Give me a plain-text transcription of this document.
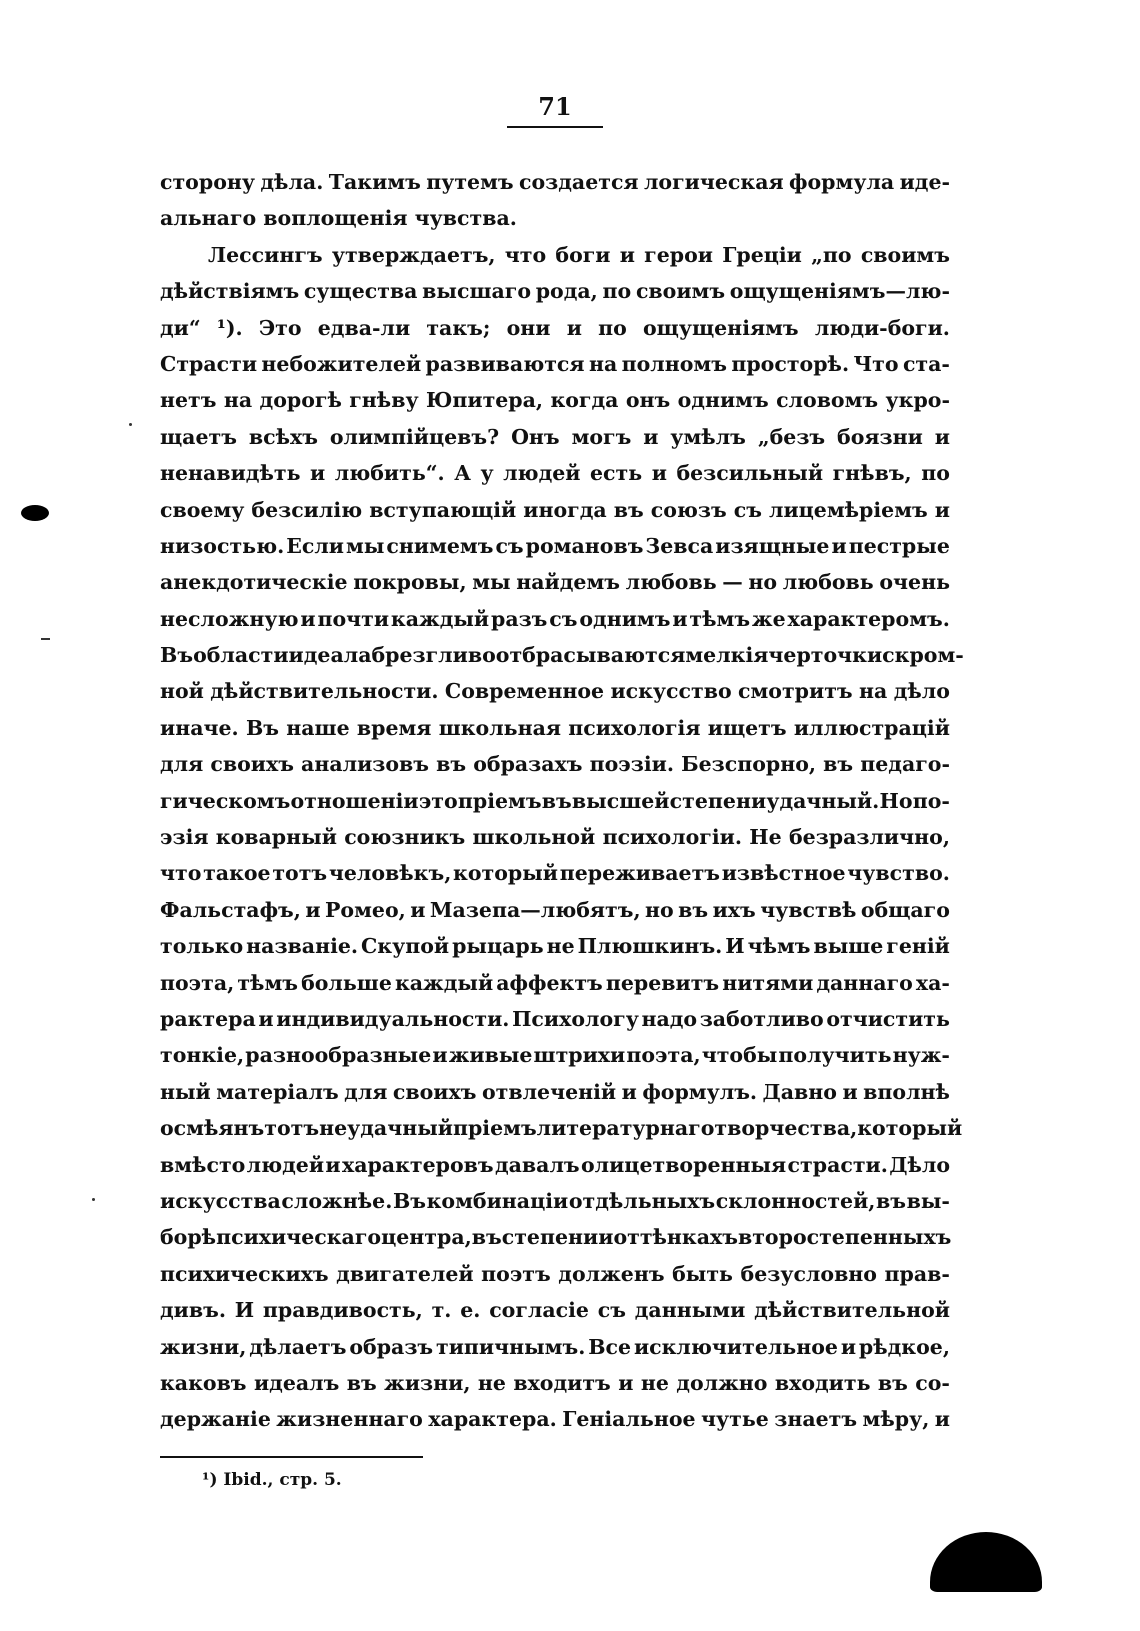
71
сторону дѣла. Такимъ путемъ создается логическая формула иде-
альнаго воплощенія чувства.
Лессингъ утверждаетъ, что боги и герои Греціи „по своимъ
дѣйствіямъ существа высшаго рода, по своимъ ощущеніямъ—лю-
ди“ ¹). Это едва-ли такъ; они и по ощущеніямъ люди-боги.
Страсти небожителей развиваются на полномъ просторѣ. Что ста-
нетъ на дорогѣ гнѣву Юпитера, когда онъ однимъ словомъ укро-
щаетъ всѣхъ олимпійцевъ? Онъ могъ и умѣлъ „безъ боязни и
ненавидѣть и любить“. А у людей есть и безсильный гнѣвъ, по
своему безсилію вступающій иногда въ союзъ съ лицемѣріемъ и
низостью. Если мы снимемъ съ романовъ Зевса изящные и пестрые
анекдотическіе покровы, мы найдемъ любовь — но любовь очень
несложную и почти каждый разъ съ однимъ и тѣмъ же характеромъ.
Въ области идеала брезгливо отбрасываются мелкія черточки скром-
ной дѣйствительности. Современное искусство смотритъ на дѣло
иначе. Въ наше время школьная психологія ищетъ иллюстрацій
для своихъ анализовъ въ образахъ поэзіи. Безспорно, въ педаго-
гическомъ отношеніи это пріемъ въ высшей степени удачный. Но по-
эзія коварный союзникъ школьной психологіи. Не безразлично,
что такое тотъ человѣкъ, который переживаетъ извѣстное чувство.
Фальстафъ, и Ромео, и Мазепа—любятъ, но въ ихъ чувствѣ общаго
только названіе. Скупой рыцарь не Плюшкинъ. И чѣмъ выше геній
поэта, тѣмъ больше каждый аффектъ перевитъ нитями даннаго ха-
рактера и индивидуальности. Психологу надо заботливо отчистить
тонкіе, разнообразные и живые штрихи поэта, чтобы получить нуж-
ный матеріалъ для своихъ отвлеченій и формулъ. Давно и вполнѣ
осмѣянъ тотъ неудачный пріемъ литературнаго творчества, который
вмѣсто людей и характеровъ давалъ олицетворенныя страсти. Дѣло
искусства сложнѣе. Въ комбинаціи отдѣльныхъ склонностей, въ вы-
борѣ психическаго центра, въ степени и оттѣнкахъ второстепенныхъ
психическихъ двигателей поэтъ долженъ быть безусловно прав-
дивъ. И правдивость, т. е. согласіе съ данными дѣйствительной
жизни, дѣлаетъ образъ типичнымъ. Все исключительное и рѣдкое,
каковъ идеалъ въ жизни, не входитъ и не должно входить въ со-
держаніе жизненнаго характера. Геніальное чутье знаетъ мѣру, и
¹) Ibid., стр. 5.
